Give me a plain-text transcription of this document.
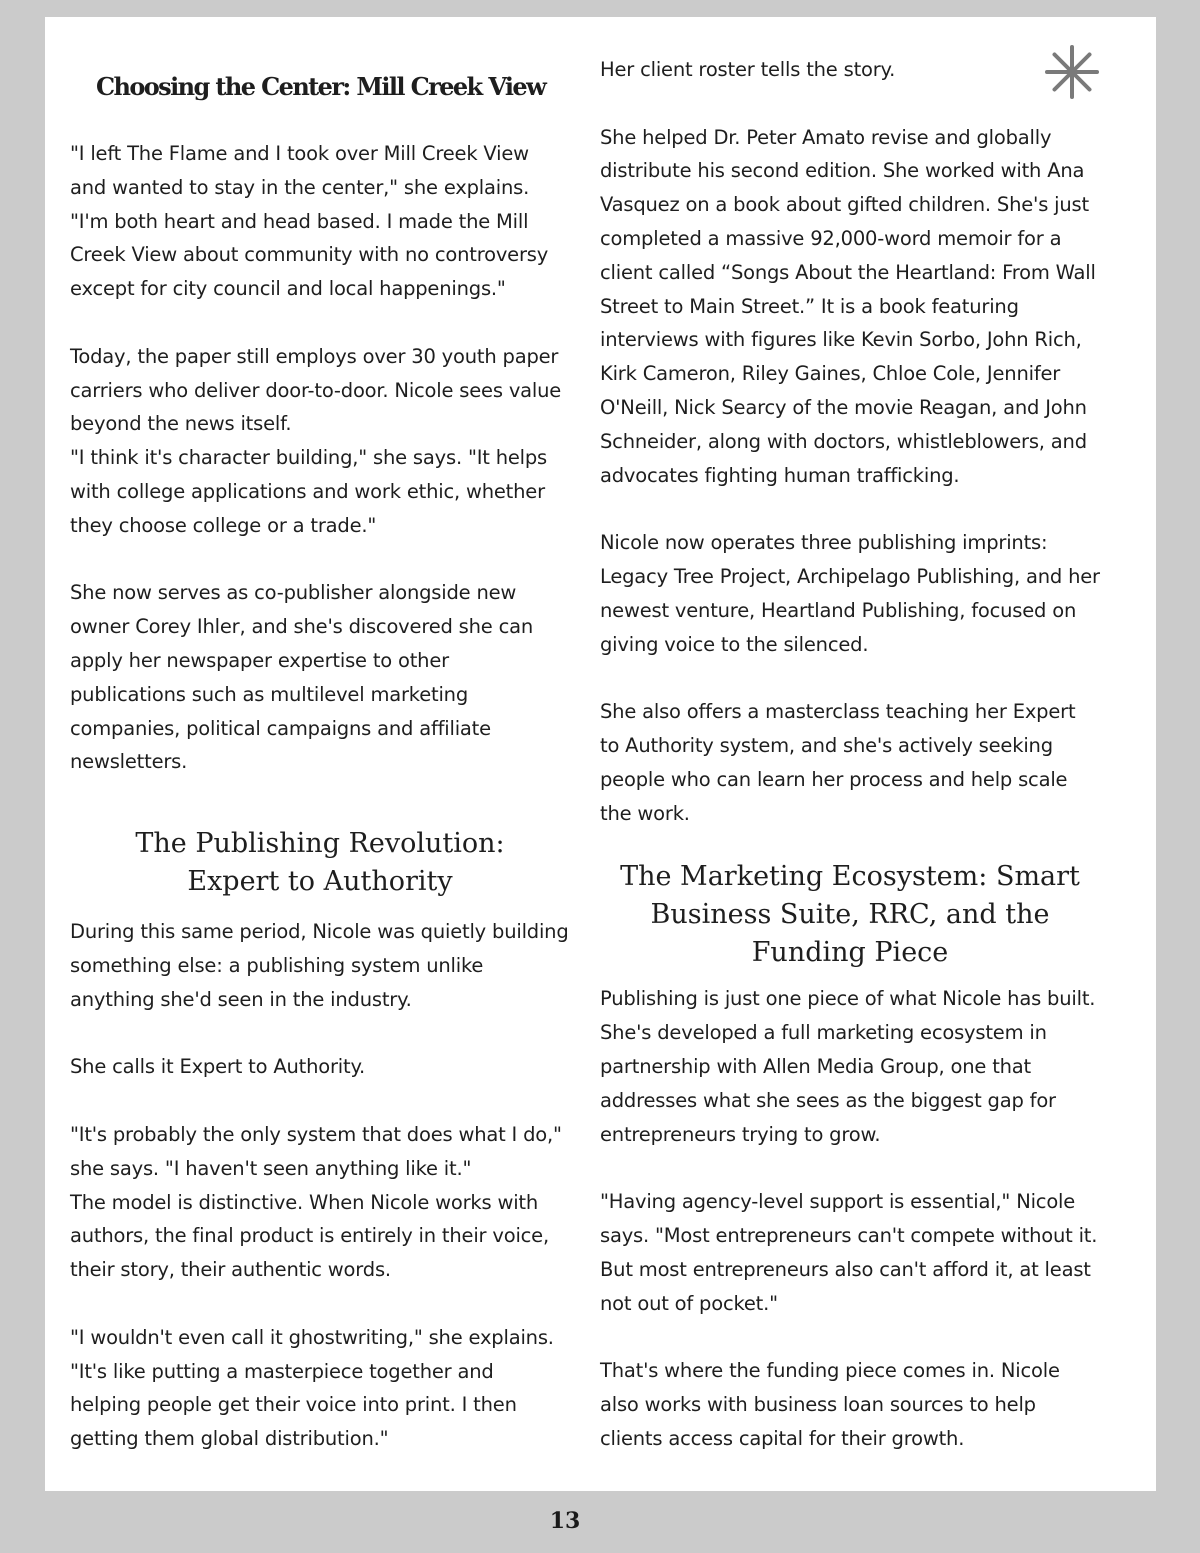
Choosing the Center: Mill Creek View

"I left The Flame and I took over Mill Creek View and wanted to stay in the center," she explains. "I'm both heart and head based. I made the Mill Creek View about community with no controversy except for city council and local happenings."

Today, the paper still employs over 30 youth paper carriers who deliver door-to-door. Nicole sees value beyond the news itself.

"I think it's character building," she says. "It helps with college applications and work ethic, whether they choose college or a trade."

She now serves as co-publisher alongside new owner Corey Ihler, and she's discovered she can apply her newspaper expertise to other publications such as multilevel marketing companies, political campaigns and affiliate newsletters.

The Publishing Revolution:
Expert to Authority

During this same period, Nicole was quietly building something else: a publishing system unlike anything she'd seen in the industry.

She calls it Expert to Authority.

"It's probably the only system that does what I do," she says. "I haven't seen anything like it."

The model is distinctive. When Nicole works with authors, the final product is entirely in their voice, their story, their authentic words.

"I wouldn't even call it ghostwriting," she explains. "It's like putting a masterpiece together and helping people get their voice into print. I then getting them global distribution."

Her client roster tells the story.

She helped Dr. Peter Amato revise and globally distribute his second edition. She worked with Ana Vasquez on a book about gifted children. She's just completed a massive 92,000-word memoir for a client called “Songs About the Heartland: From Wall Street to Main Street.” It is a book featuring interviews with figures like Kevin Sorbo, John Rich, Kirk Cameron, Riley Gaines, Chloe Cole, Jennifer O'Neill, Nick Searcy of the movie Reagan, and John Schneider, along with doctors, whistleblowers, and advocates fighting human trafficking.

Nicole now operates three publishing imprints: Legacy Tree Project, Archipelago Publishing, and her newest venture, Heartland Publishing, focused on giving voice to the silenced.

She also offers a masterclass teaching her Expert to Authority system, and she's actively seeking people who can learn her process and help scale the work.

The Marketing Ecosystem: Smart
Business Suite, RRC, and the
Funding Piece

Publishing is just one piece of what Nicole has built. She's developed a full marketing ecosystem in partnership with Allen Media Group, one that addresses what she sees as the biggest gap for entrepreneurs trying to grow.

"Having agency-level support is essential," Nicole says. "Most entrepreneurs can't compete without it. But most entrepreneurs also can't afford it, at least not out of pocket."

That's where the funding piece comes in. Nicole also works with business loan sources to help clients access capital for their growth.

13
